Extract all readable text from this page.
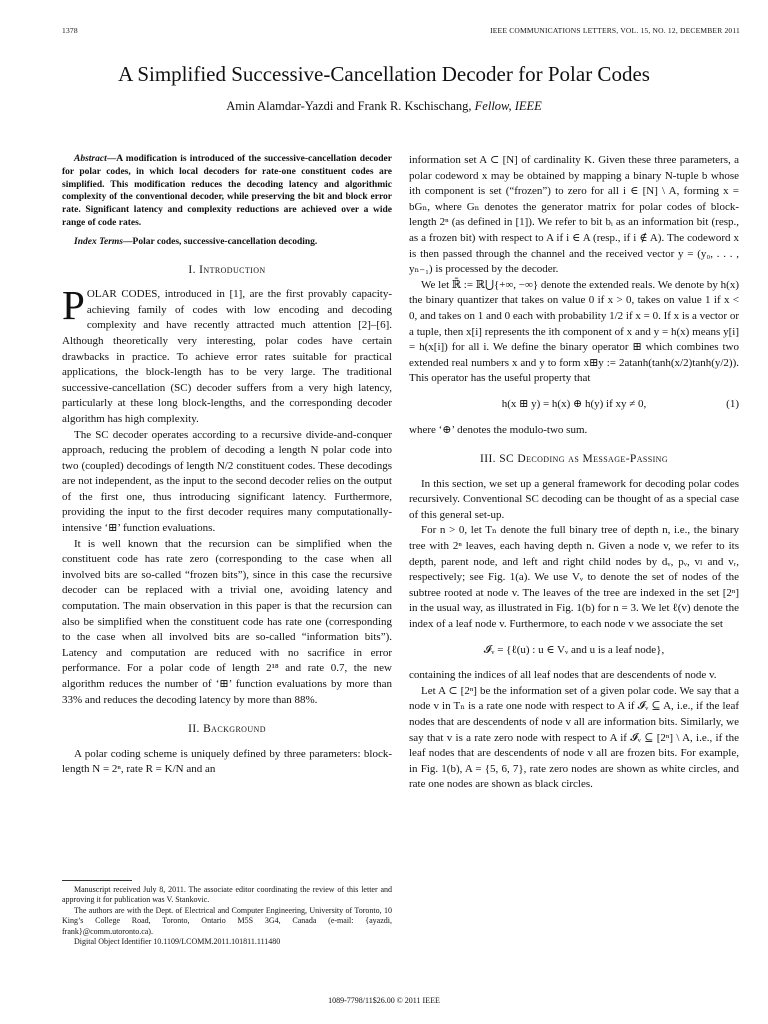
1378	IEEE COMMUNICATIONS LETTERS, VOL. 15, NO. 12, DECEMBER 2011
A Simplified Successive-Cancellation Decoder for Polar Codes
Amin Alamdar-Yazdi and Frank R. Kschischang, Fellow, IEEE

Abstract—A modification is introduced of the successive-cancellation decoder for polar codes, in which local decoders for rate-one constituent codes are simplified. This modification reduces the decoding latency and algorithmic complexity of the conventional decoder, while preserving the bit and block error rate. Significant latency and complexity reductions are achieved over a wide range of code rates.

Index Terms—Polar codes, successive-cancellation decoding.

I. Introduction

POLAR CODES, introduced in [1], are the first provably capacity-achieving family of codes with low encoding and decoding complexity and have recently attracted much attention [2]–[6]. Although theoretically very interesting, polar codes have certain drawbacks in practice. To achieve error rates suitable for practical applications, the block-length has to be very large. The traditional successive-cancellation (SC) decoder suffers from a very high latency, particularly at these long block-lengths, and the corresponding decoder algorithm has high complexity.

The SC decoder operates according to a recursive divide-and-conquer approach, reducing the problem of decoding a length N polar code into two (coupled) decodings of length N/2 constituent codes. These decodings are not independent, as the input to the second decoder relies on the output of the first one, thus introducing significant latency. Furthermore, providing the input to the first decoder requires many computationally-intensive ‘⊞’ function evaluations.

It is well known that the recursion can be simplified when the constituent code has rate zero (corresponding to the case when all involved bits are so-called “frozen bits”), since in this case the recursive decoder can be replaced with a trivial one, avoiding latency and computation. The main observation in this paper is that the recursion can also be simplified when the constituent code has rate one (corresponding to the case when all involved bits are so-called “information bits”). Latency and computation are reduced with no sacrifice in error performance. For a polar code of length 2¹⁸ and rate 0.7, the new algorithm reduces the number of ‘⊞’ function evaluations by more than 33% and reduces the decoding latency by more than 88%.

II. Background

A polar coding scheme is uniquely defined by three parameters: block-length N = 2ⁿ, rate R = K/N and an

Manuscript received July 8, 2011. The associate editor coordinating the review of this letter and approving it for publication was V. Stankovic.

The authors are with the Dept. of Electrical and Computer Engineering, University of Toronto, 10 King’s College Road, Toronto, Ontario M5S 3G4, Canada (e-mail: {ayazdi, frank}@comm.utoronto.ca).

Digital Object Identifier 10.1109/LCOMM.2011.101811.111480

information set A ⊂ [N] of cardinality K. Given these three parameters, a polar codeword x may be obtained by mapping a binary N-tuple b whose ith component is set (“frozen”) to zero for all i ∈ [N] \ A, forming x = bGₙ, where Gₙ denotes the generator matrix for polar codes of block-length 2ⁿ (as defined in [1]). We refer to bit bᵢ as an information bit (resp., as a frozen bit) with respect to A if i ∈ A (resp., if i ∉ A). The codeword x is then passed through the channel and the received vector y = (y₀, . . . , yₙ₋₁) is processed by the decoder.

We let ℝ̄ := ℝ⋃{+∞, −∞} denote the extended reals. We denote by h(x) the binary quantizer that takes on value 0 if x > 0, takes on value 1 if x < 0, and takes on 1 and 0 each with probability 1/2 if x = 0. If x is a vector or a tuple, then x[i] represents the ith component of x and y = h(x) means y[i] = h(x[i]) for all i. We define the binary operator ⊞ which combines two extended real numbers x and y to form x⊞y := 2atanh(tanh(x/2)tanh(y/2)). This operator has the useful property that

h(x ⊞ y) = h(x) ⊕ h(y) if xy ≠ 0,	(1)

where ‘⊕’ denotes the modulo-two sum.

III. SC Decoding as Message-Passing

In this section, we set up a general framework for decoding polar codes recursively. Conventional SC decoding can be thought of as a special case of this general set-up.

For n > 0, let Tₙ denote the full binary tree of depth n, i.e., the binary tree with 2ⁿ leaves, each having depth n. Given a node v, we refer to its depth, parent node, and left and right child nodes by dᵥ, pᵥ, vₗ and vᵣ, respectively; see Fig. 1(a). We use Vᵥ to denote the set of nodes of the subtree rooted at node v. The leaves of the tree are indexed in the set [2ⁿ] in the usual way, as illustrated in Fig. 1(b) for n = 3. We let ℓ(v) denote the index of a leaf node v. Furthermore, to each node v we associate the set

𝓘ᵥ = {ℓ(u) : u ∈ Vᵥ and u is a leaf node},

containing the indices of all leaf nodes that are descendents of node v.

Let A ⊂ [2ⁿ] be the information set of a given polar code. We say that a node v in Tₙ is a rate one node with respect to A if 𝓘ᵥ ⊆ A, i.e., if the leaf nodes that are descendents of node v all are information bits. Similarly, we say that v is a rate zero node with respect to A if 𝓘ᵥ ⊆ [2ⁿ] \ A, i.e., if the leaf nodes that are descendents of node v all are frozen bits. For example, in Fig. 1(b), A = {5, 6, 7}, rate zero nodes are shown as white circles, and rate one nodes are shown as black circles.

1089-7798/11$26.00 © 2011 IEEE
